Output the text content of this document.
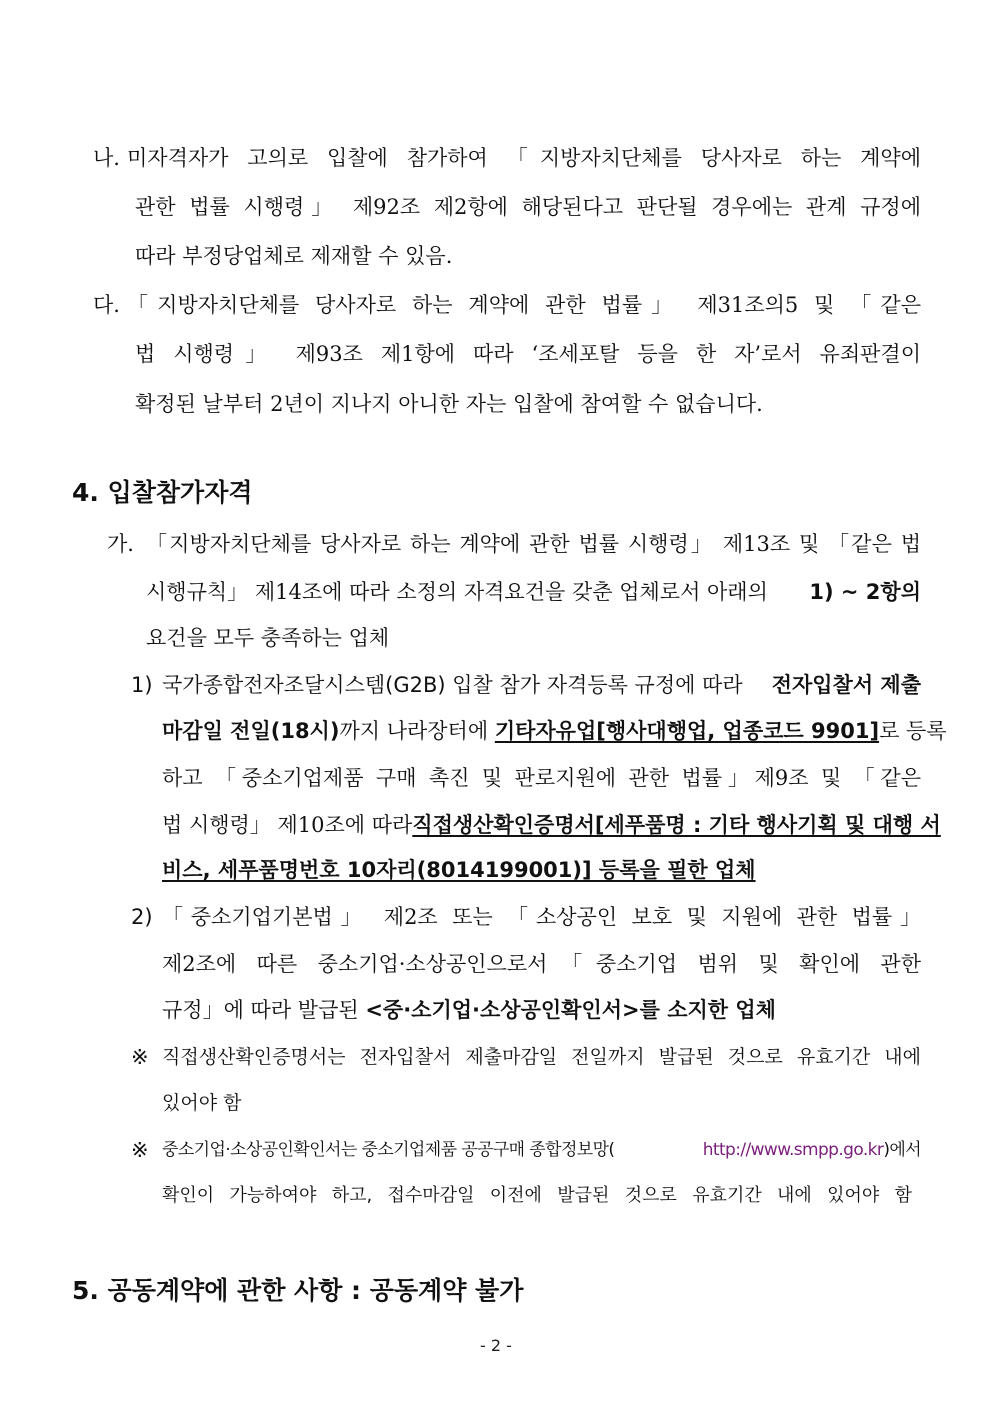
나. 미자격자가 고의로 입찰에 참가하여 「지방자치단체를 당사자로 하는 계약에
관한 법률 시행령」 제92조 제2항에 해당된다고 판단될 경우에는 관계 규정에
따라 부정당업체로 제재할 수 있음.
다. 「지방자치단체를 당사자로 하는 계약에 관한 법률」 제31조의5 및 「같은
법 시행령」 제93조 제1항에 따라 ‘조세포탈 등을 한 자’로서 유죄판결이
확정된 날부터 2년이 지나지 아니한 자는 입찰에 참여할 수 없습니다.
4. 입찰참가자격
가. 「지방자치단체를 당사자로 하는 계약에 관한 법률 시행령」 제13조 및 「같은 법
시행규칙」 제14조에 따라 소정의 자격요건을 갖춘 업체로서 아래의 1) ~ 2항의
요건을 모두 충족하는 업체
1) 국가종합전자조달시스템(G2B) 입찰 참가 자격등록 규정에 따라 전자입찰서 제출
마감일 전일(18시)까지 나라장터에 기타자유업[행사대행업, 업종코드 9901] 로 등록
하고 「중소기업제품 구매 촉진 및 판로지원에 관한 법률」제9조 및 「같은
법 시행령」 제10조에 따라 직접생산확인증명서[세푸품명 : 기타 행사기획 및 대행 서
비스, 세푸품명번호 10자리(8014199001)] 등록을 필한 업체
2) 「중소기업기본법」 제2조 또는 「소상공인 보호 및 지원에 관한 법률」
제2조에 따른 중소기업·소상공인으로서「중소기업 범위 및 확인에 관한
규정」에 따라 발급된 <중·소기업·소상공인확인서>를 소지한 업체
※ 직접생산확인증명서는 전자입찰서 제출마감일 전일까지 발급된 것으로 유효기간 내에
있어야 함
※ 중소기업·소상공인확인서는 중소기업제품 공공구매 종합정보망(	http://www.smpp.go.kr)에서
확인이 가능하여야 하고, 접수마감일 이전에 발급된 것으로 유효기간 내에 있어야 함
5. 공동계약에 관한 사항 : 공동계약 불가
- 2 -
